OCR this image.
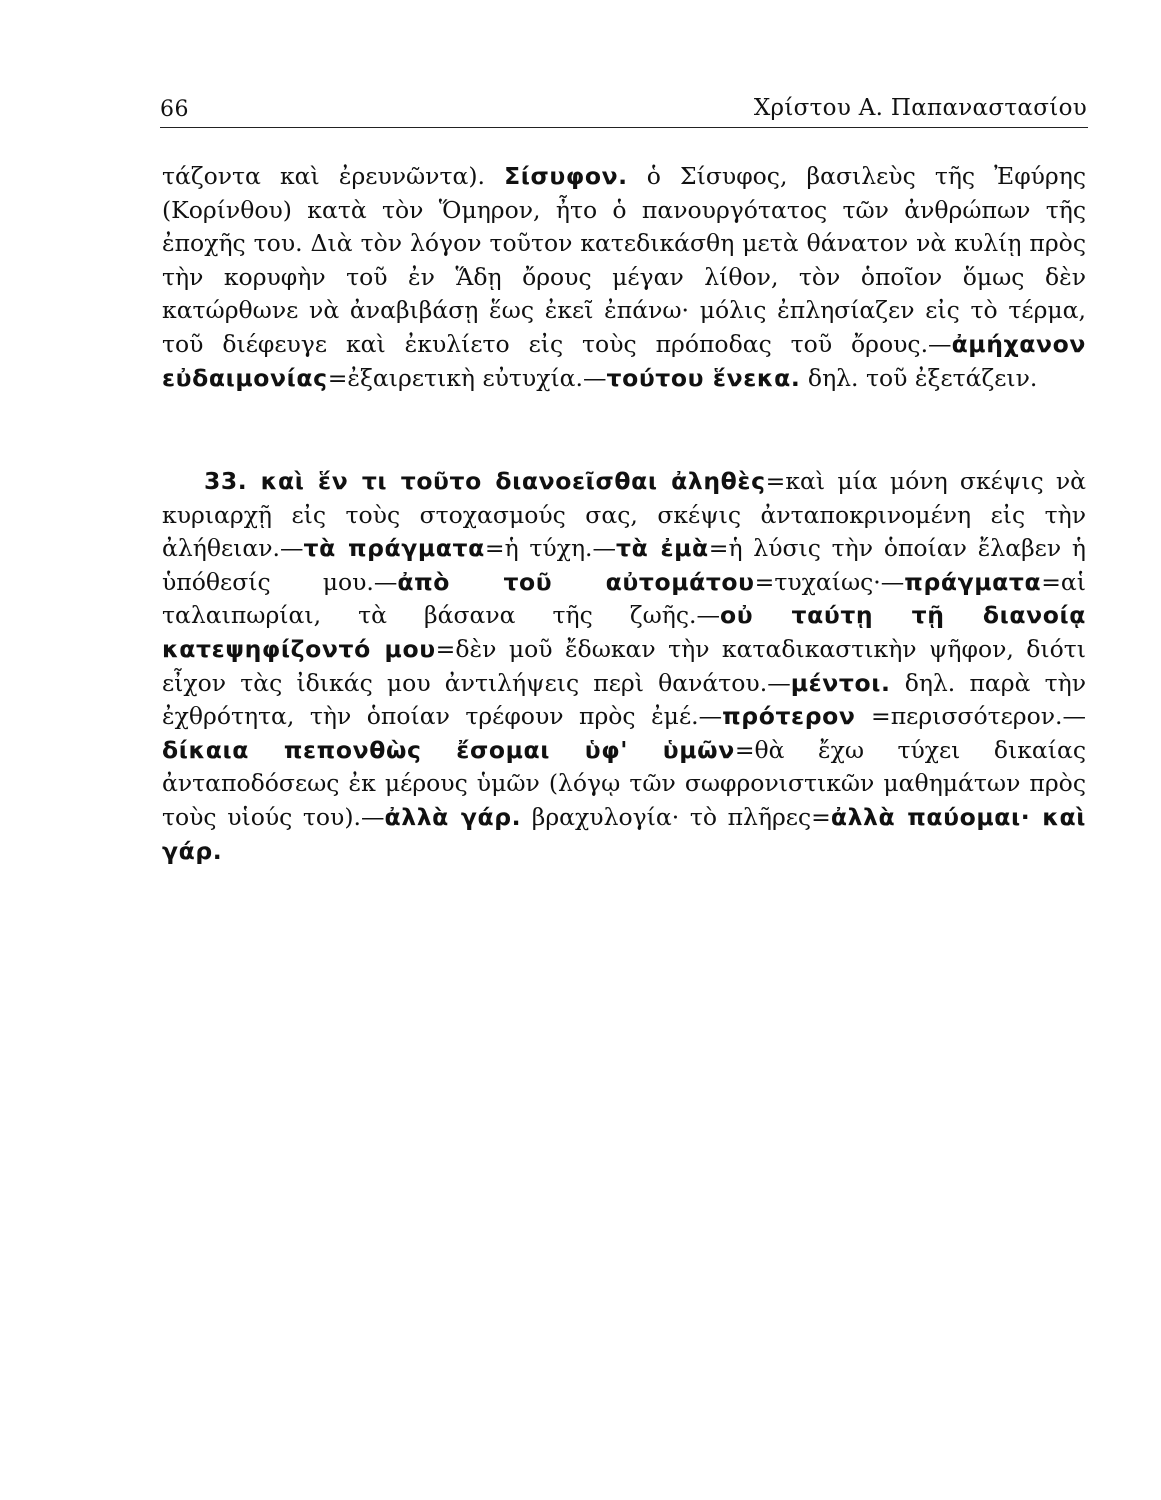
66	Χρίστου Α. Παπαναστασίου

τάζοντα καὶ ἐρευνῶντα). Σίσυφον. ὁ Σίσυφος, βασιλεὺς τῆς Ἐφύρης (Κορίνθου) κατὰ τὸν Ὅμηρον, ἦτο ὁ πανουργότατος τῶν ἀνθρώπων τῆς ἐποχῆς του. Διὰ τὸν λόγον τοῦτον κατεδικάσθη μετὰ θάνατον νὰ κυλίῃ πρὸς τὴν κορυφὴν τοῦ ἐν Ἅδῃ ὄρους μέγαν λίθον, τὸν ὁποῖον ὅμως δὲν κατώρθωνε νὰ ἀναβιβάσῃ ἕως ἐκεῖ ἐπάνω· μόλις ἐπλησίαζεν εἰς τὸ τέρμα, τοῦ διέφευγε καὶ ἐκυλίετο εἰς τοὺς πρόποδας τοῦ ὄρους.—ἀμήχανον εὐδαιμονίας=ἐξαιρετικὴ εὐτυχία.—τούτου ἕνεκα. δηλ. τοῦ ἐξετάζειν.

33. καὶ ἕν τι τοῦτο διανοεῖσθαι ἀληθὲς=καὶ μία μόνη σκέψις νὰ κυριαρχῇ εἰς τοὺς στοχασμούς σας, σκέψις ἀνταποκρινομένη εἰς τὴν ἀλήθειαν.—τὰ πράγματα=ἡ τύχη.—τὰ ἐμὰ=ἡ λύσις τὴν ὁποίαν ἔλαβεν ἡ ὑπόθεσίς μου.—ἀπὸ τοῦ αὐτομάτου=τυχαίως·—πράγματα=αἱ ταλαιπωρίαι, τὰ βάσανα τῆς ζωῆς.—οὐ ταύτῃ τῇ διανοίᾳ κατεψηφίζοντό μου=δὲν μοῦ ἔδωκαν τὴν καταδικαστικὴν ψῆφον, διότι εἶχον τὰς ἰδικάς μου ἀντιλήψεις περὶ θανάτου.—μέντοι. δηλ. παρὰ τὴν ἐχθρότητα, τὴν ὁποίαν τρέφουν πρὸς ἐμέ.—πρότερον =περισσότερον.—δίκαια πεπονθὼς ἔσομαι ὑφ' ὑμῶν=θὰ ἔχω τύχει δικαίας ἀνταποδόσεως ἐκ μέρους ὑμῶν (λόγῳ τῶν σωφρονιστικῶν μαθημάτων πρὸς τοὺς υἱούς του).—ἀλλὰ γάρ. βραχυλογία· τὸ πλῆρες=ἀλλὰ παύομαι· καὶ γάρ.
